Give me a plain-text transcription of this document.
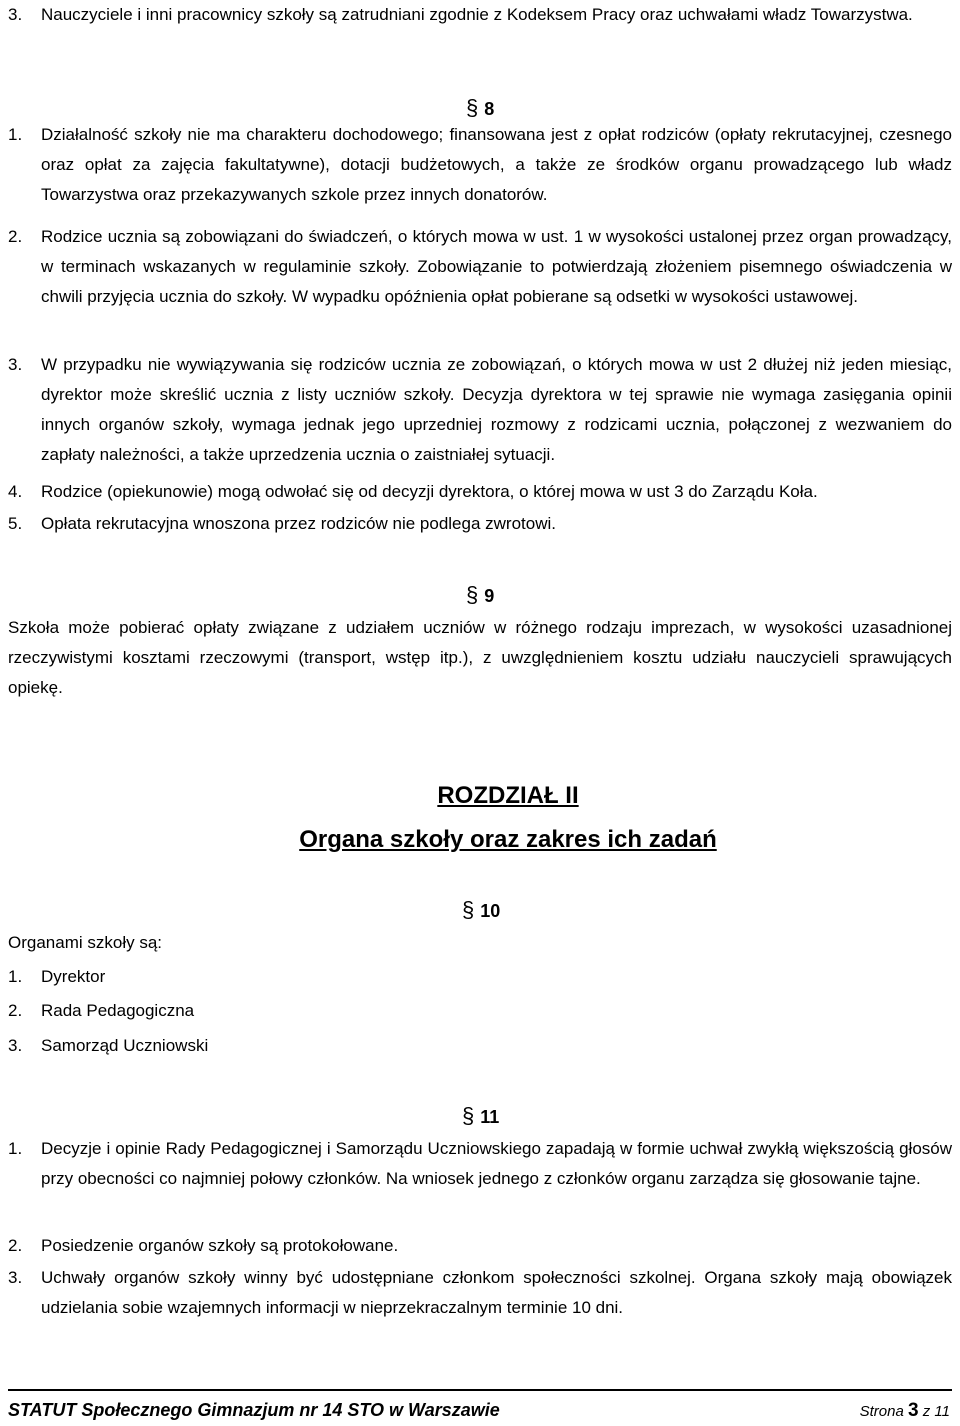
3. Nauczyciele i inni pracownicy szkoły są zatrudniani zgodnie z Kodeksem Pracy oraz uchwałami władz Towarzystwa.
§ 8
1. Działalność szkoły nie ma charakteru dochodowego; finansowana jest z opłat rodziców (opłaty rekrutacyjnej, czesnego oraz opłat za zajęcia fakultatywne), dotacji budżetowych, a także ze środków organu prowadzącego lub władz Towarzystwa oraz przekazywanych szkole przez innych donatorów.
2. Rodzice ucznia są zobowiązani do świadczeń, o których mowa w ust. 1 w wysokości ustalonej przez organ prowadzący, w terminach wskazanych w regulaminie szkoły. Zobowiązanie to potwierdzają złożeniem pisemnego oświadczenia w chwili przyjęcia ucznia do szkoły. W wypadku opóźnienia opłat pobierane są odsetki w wysokości ustawowej.
3. W przypadku nie wywiązywania się rodziców ucznia ze zobowiązań, o których mowa w ust 2 dłużej niż jeden miesiąc, dyrektor może skreślić ucznia z listy uczniów szkoły. Decyzja dyrektora w tej sprawie nie wymaga zasięgania opinii innych organów szkoły, wymaga jednak jego uprzedniej rozmowy z rodzicami ucznia, połączonej z wezwaniem do zapłaty należności, a także uprzedzenia ucznia o zaistniałej sytuacji.
4. Rodzice (opiekunowie) mogą odwołać się od decyzji dyrektora, o której mowa w ust 3 do Zarządu Koła.
5. Opłata rekrutacyjna wnoszona przez rodziców nie podlega zwrotowi.
§ 9
Szkoła może pobierać opłaty związane z udziałem uczniów w różnego rodzaju imprezach, w wysokości uzasadnionej rzeczywistymi kosztami rzeczowymi (transport, wstęp itp.), z uwzględnieniem kosztu udziału nauczycieli sprawujących opiekę.
ROZDZIAŁ II
Organa szkoły oraz zakres ich zadań
§ 10
Organami szkoły są:
1. Dyrektor
2. Rada Pedagogiczna
3. Samorząd Uczniowski
§ 11
1. Decyzje i opinie Rady Pedagogicznej i Samorządu Uczniowskiego zapadają w formie uchwał zwykłą większością głosów przy obecności co najmniej połowy członków. Na wniosek jednego z członków organu zarządza się głosowanie tajne.
2. Posiedzenie organów szkoły są protokołowane.
3. Uchwały organów szkoły winny być udostępniane członkom społeczności szkolnej. Organa szkoły mają obowiązek udzielania sobie wzajemnych informacji w nieprzekraczalnym terminie 10 dni.
STATUT Społecznego Gimnazjum nr 14 STO w Warszawie	Strona 3 z 11
